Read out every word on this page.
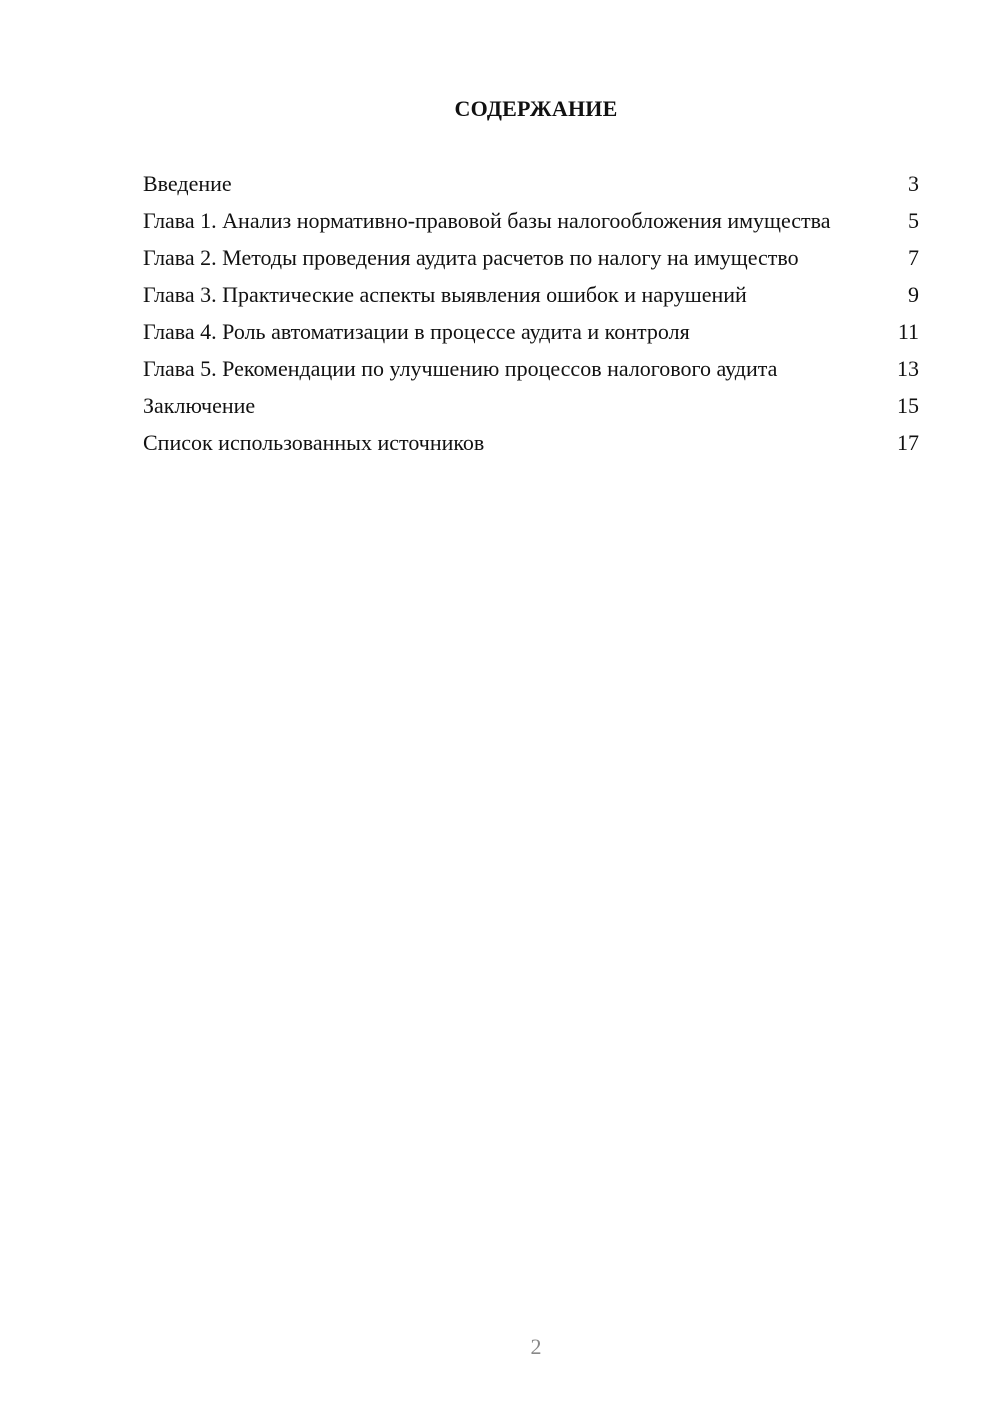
СОДЕРЖАНИЕ
Введение	3
Глава 1. Анализ нормативно-правовой базы налогообложения имущества	5
Глава 2. Методы проведения аудита расчетов по налогу на имущество	7
Глава 3. Практические аспекты выявления ошибок и нарушений	9
Глава 4. Роль автоматизации в процессе аудита и контроля	11
Глава 5. Рекомендации по улучшению процессов налогового аудита	13
Заключение	15
Список использованных источников	17
2
